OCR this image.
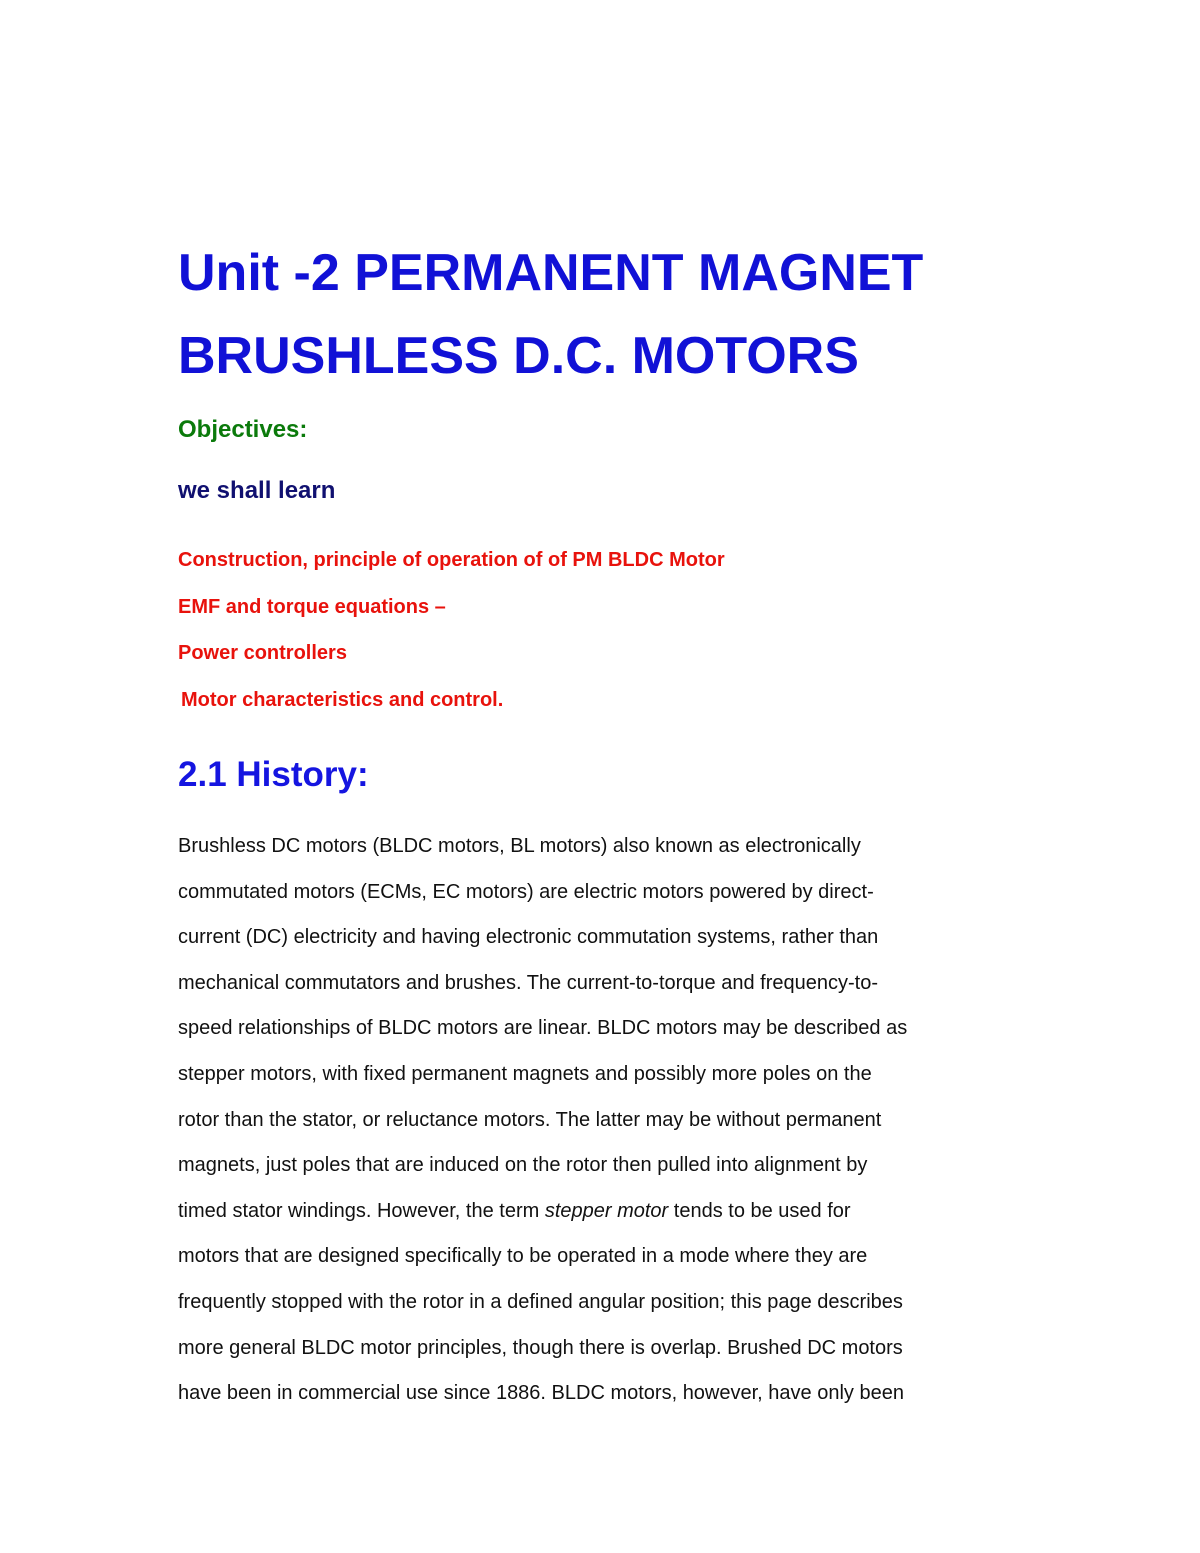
Unit -2 PERMANENT MAGNET
BRUSHLESS D.C. MOTORS

Objectives:

we shall learn

Construction, principle of operation of of PM BLDC Motor
EMF and torque equations –
Power controllers
Motor characteristics and control.
2.1 History:
Brushless DC motors (BLDC motors, BL motors) also known as electronically
commutated motors (ECMs, EC motors) are electric motors powered by direct-
current (DC) electricity and having electronic commutation systems, rather than
mechanical commutators and brushes. The current-to-torque and frequency-to-
speed relationships of BLDC motors are linear. BLDC motors may be described as
stepper motors, with fixed permanent magnets and possibly more poles on the
rotor than the stator, or reluctance motors. The latter may be without permanent
magnets, just poles that are induced on the rotor then pulled into alignment by
timed stator windings. However, the term stepper motor tends to be used for
motors that are designed specifically to be operated in a mode where they are
frequently stopped with the rotor in a defined angular position; this page describes
more general BLDC motor principles, though there is overlap. Brushed DC motors
have been in commercial use since 1886. BLDC motors, however, have only been
